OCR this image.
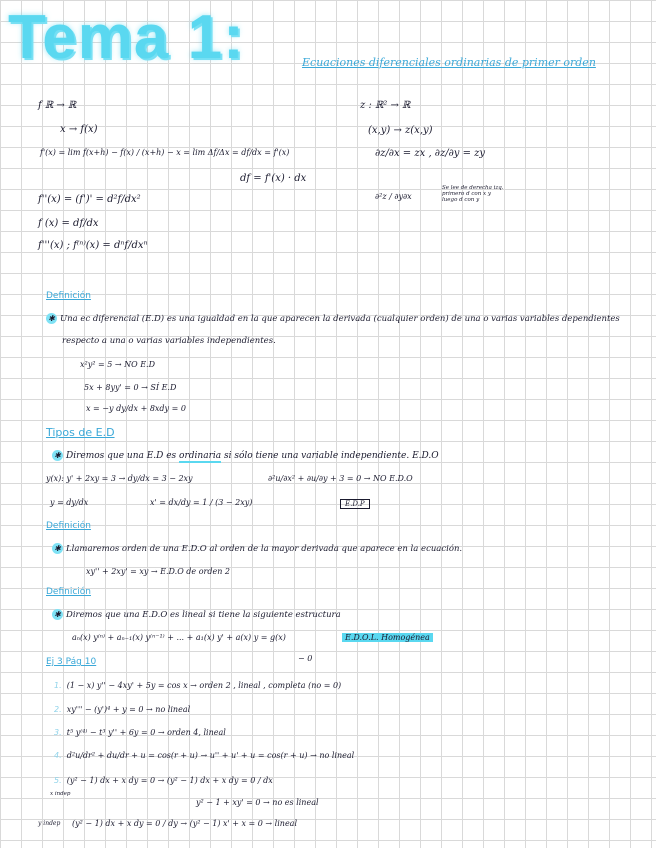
Tema 1:	Ecuaciones diferenciales ordinarias de primer orden
f ℝ → ℝ
x → f(x)
f'(x) = lim f(x+h) − f(x) / (x+h) − x = lim Δf/Δx = df/dx = f'(x)
df = f'(x) · dx
f''(x) = (f')' = d²f/dx²
f (x) = df/dx
f'''(x) ; f⁽ⁿ⁾(x) = dⁿf/dxⁿ
z : ℝ² → ℝ
(x,y) → z(x,y)
∂z/∂x = zx , ∂z/∂y = zy
∂²z / ∂y∂x
Se lee de derecha izq. primero d con x y luego d con y
Definición
✱ Una ec diferencial (E.D) es una igualdad en la que aparecen la derivada (cualquier orden) de una o varias variables dependientes
respecto a una o varias variables independientes.
x²y² = 5 → NO E.D
5x + 8yy' = 0 → SÍ E.D
x = −y dy/dx + 8xdy = 0
Tipos de E.D
✱ Diremos que una E.D es ordinaria si sólo tiene una variable independiente. E.D.O
y(x): y' + 2xy = 3 → dy/dx = 3 − 2xy	∂²u/∂x² + ∂u/∂y + 3 = 0 → NO E.D.O
y = dy/dx	x' = dx/dy = 1 / (3 − 2xy)	E.D.P
Definición
✱ Llamaremos orden de una E.D.O al orden de la mayor derivada que aparece en la ecuación.
xy'' + 2xy' = xy → E.D.O de orden 2
Definición
✱ Diremos que una E.D.O es lineal si tiene la siguiente estructura
aₙ(x) y⁽ⁿ⁾ + aₙ₋₁(x) y⁽ⁿ⁻¹⁾ + ... + a₁(x) y' + a(x) y = g(x)	E.D.O.L. Homogénea
− 0
Ej 3 Pág 10
1. (1 − x) y'' − 4xy' + 5y = cos x → orden 2 , lineal , completa (no = 0)
2. xy''' − (y')⁴ + y = 0 → no lineal
3. t⁵ y⁽⁴⁾ − t³ y'' + 6y = 0 → orden 4, lineal
4. d²u/dr² + du/dr + u = cos(r + u) → u'' + u' + u = cos(r + u) → no lineal
5. (y² − 1) dx + x dy = 0 → (y² − 1) dx + x dy = 0 / dx
x indep
y² − 1 + xy' = 0 → no es lineal
y indep (y² − 1) dx + x dy = 0 / dy → (y² − 1) x' + x = 0 → lineal
